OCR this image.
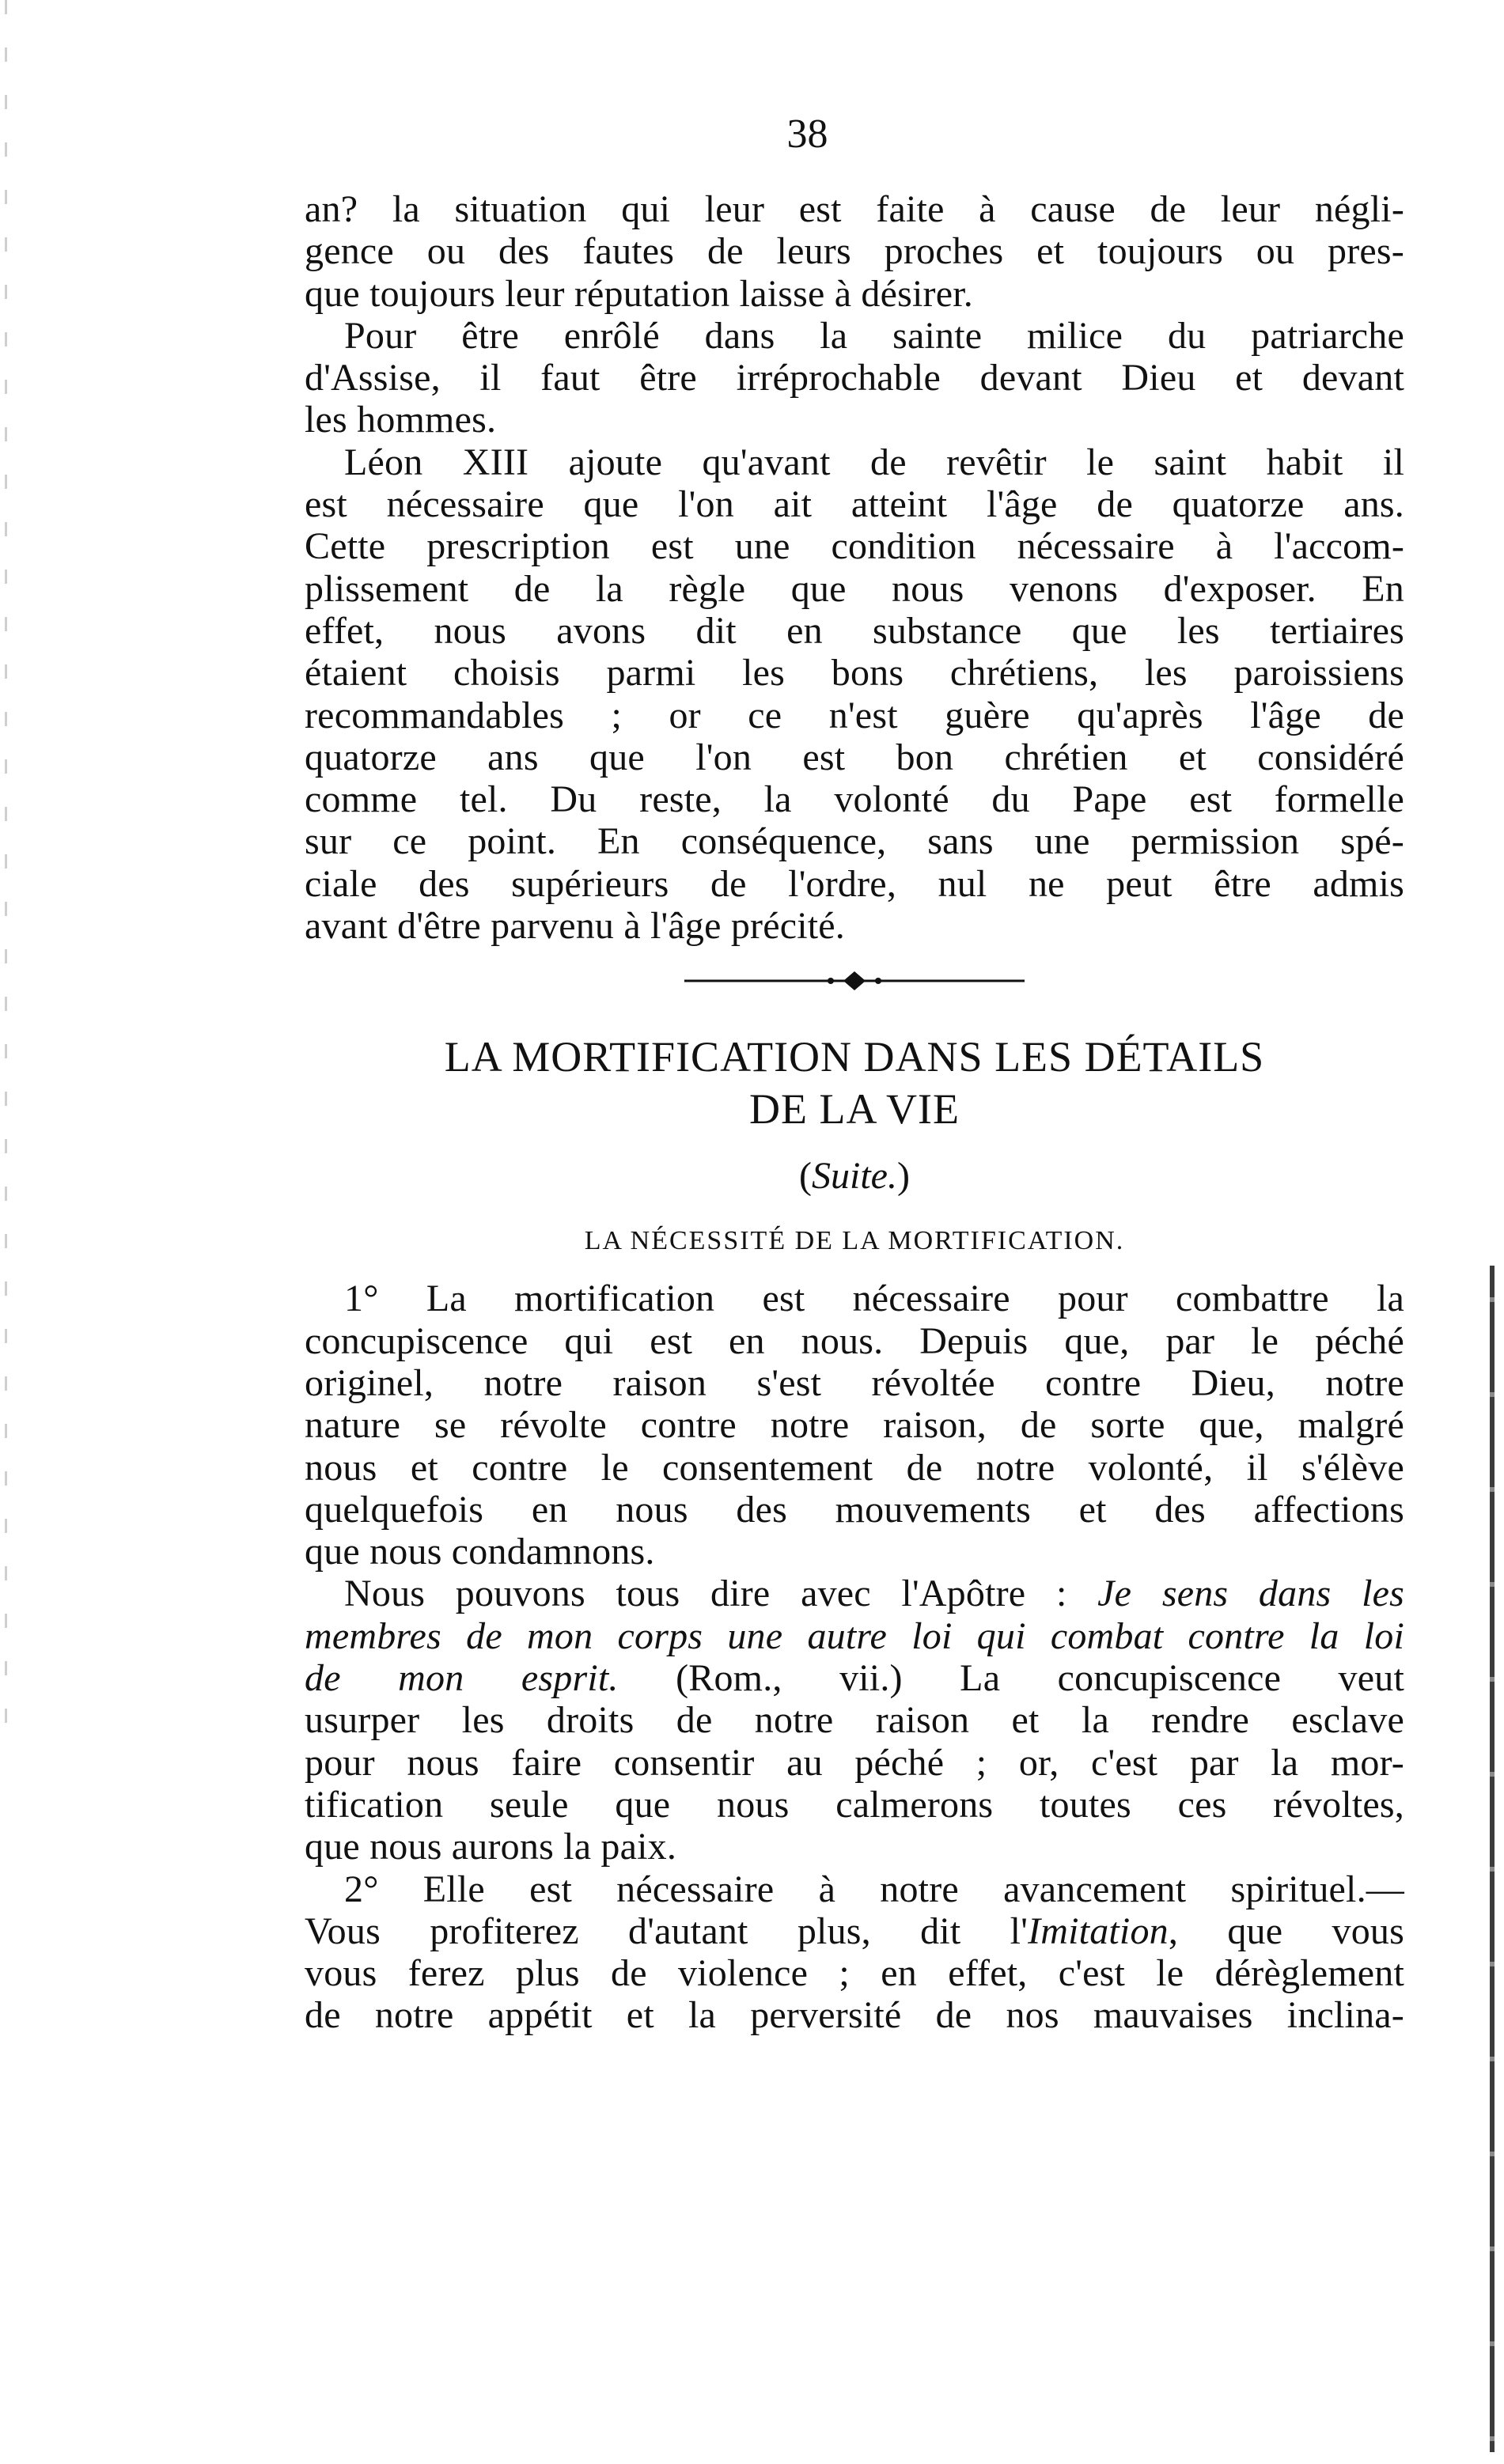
38
an? la situation qui leur est faite à cause de leur négli-
gence ou des fautes de leurs proches et toujours ou pres-
que toujours leur réputation laisse à désirer.
Pour être enrôlé dans la sainte milice du patriarche
d'Assise, il faut être irréprochable devant Dieu et devant
les hommes.
Léon XIII ajoute qu'avant de revêtir le saint habit il
est nécessaire que l'on ait atteint l'âge de quatorze ans.
Cette prescription est une condition nécessaire à l'accom-
plissement de la règle que nous venons d'exposer. En
effet, nous avons dit en substance que les tertiaires
étaient choisis parmi les bons chrétiens, les paroissiens
recommandables ; or ce n'est guère qu'après l'âge de
quatorze ans que l'on est bon chrétien et considéré
comme tel. Du reste, la volonté du Pape est formelle
sur ce point. En conséquence, sans une permission spé-
ciale des supérieurs de l'ordre, nul ne peut être admis
avant d'être parvenu à l'âge précité.
LA MORTIFICATION DANS LES DÉTAILS
DE LA VIE
(Suite.)
LA NÉCESSITÉ DE LA MORTIFICATION.
1° La mortification est nécessaire pour combattre la
concupiscence qui est en nous. Depuis que, par le péché
originel, notre raison s'est révoltée contre Dieu, notre
nature se révolte contre notre raison, de sorte que, malgré
nous et contre le consentement de notre volonté, il s'élève
quelquefois en nous des mouvements et des affections
que nous condamnons.
Nous pouvons tous dire avec l'Apôtre : Je sens dans les
membres de mon corps une autre loi qui combat contre la loi
de mon esprit. (Rom., vii.) La concupiscence veut
usurper les droits de notre raison et la rendre esclave
pour nous faire consentir au péché ; or, c'est par la mor-
tification seule que nous calmerons toutes ces révoltes,
que nous aurons la paix.
2° Elle est nécessaire à notre avancement spirituel.—
Vous profiterez d'autant plus, dit l'Imitation, que vous
vous ferez plus de violence ; en effet, c'est le dérèglement
de notre appétit et la perversité de nos mauvaises inclina-
